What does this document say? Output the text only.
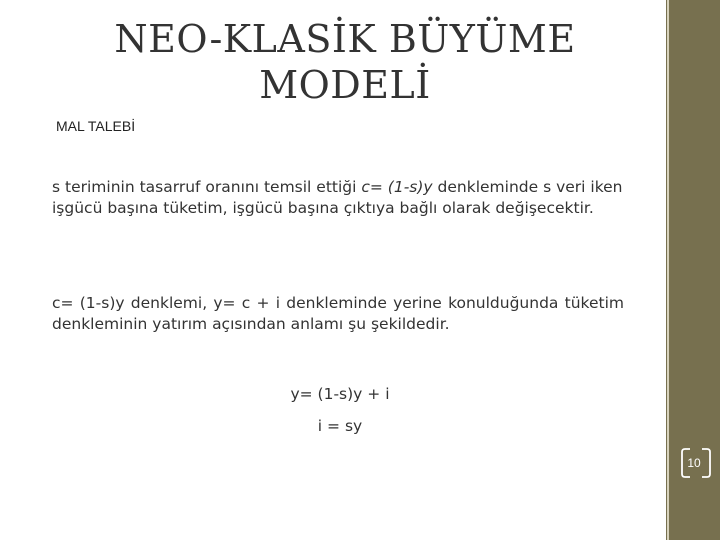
NEO-KLASİK BÜYÜME MODELİ
MAL TALEBİ

s teriminin tasarruf oranını temsil ettiği c= (1-s)y denkleminde s veri iken işgücü başına tüketim, işgücü başına çıktıya bağlı olarak değişecektir.

c= (1-s)y denklemi, y= c + i denkleminde yerine konulduğunda tüketim denkleminin yatırım açısından anlamı şu şekildedir.

y= (1-s)y + i
i = sy
10
